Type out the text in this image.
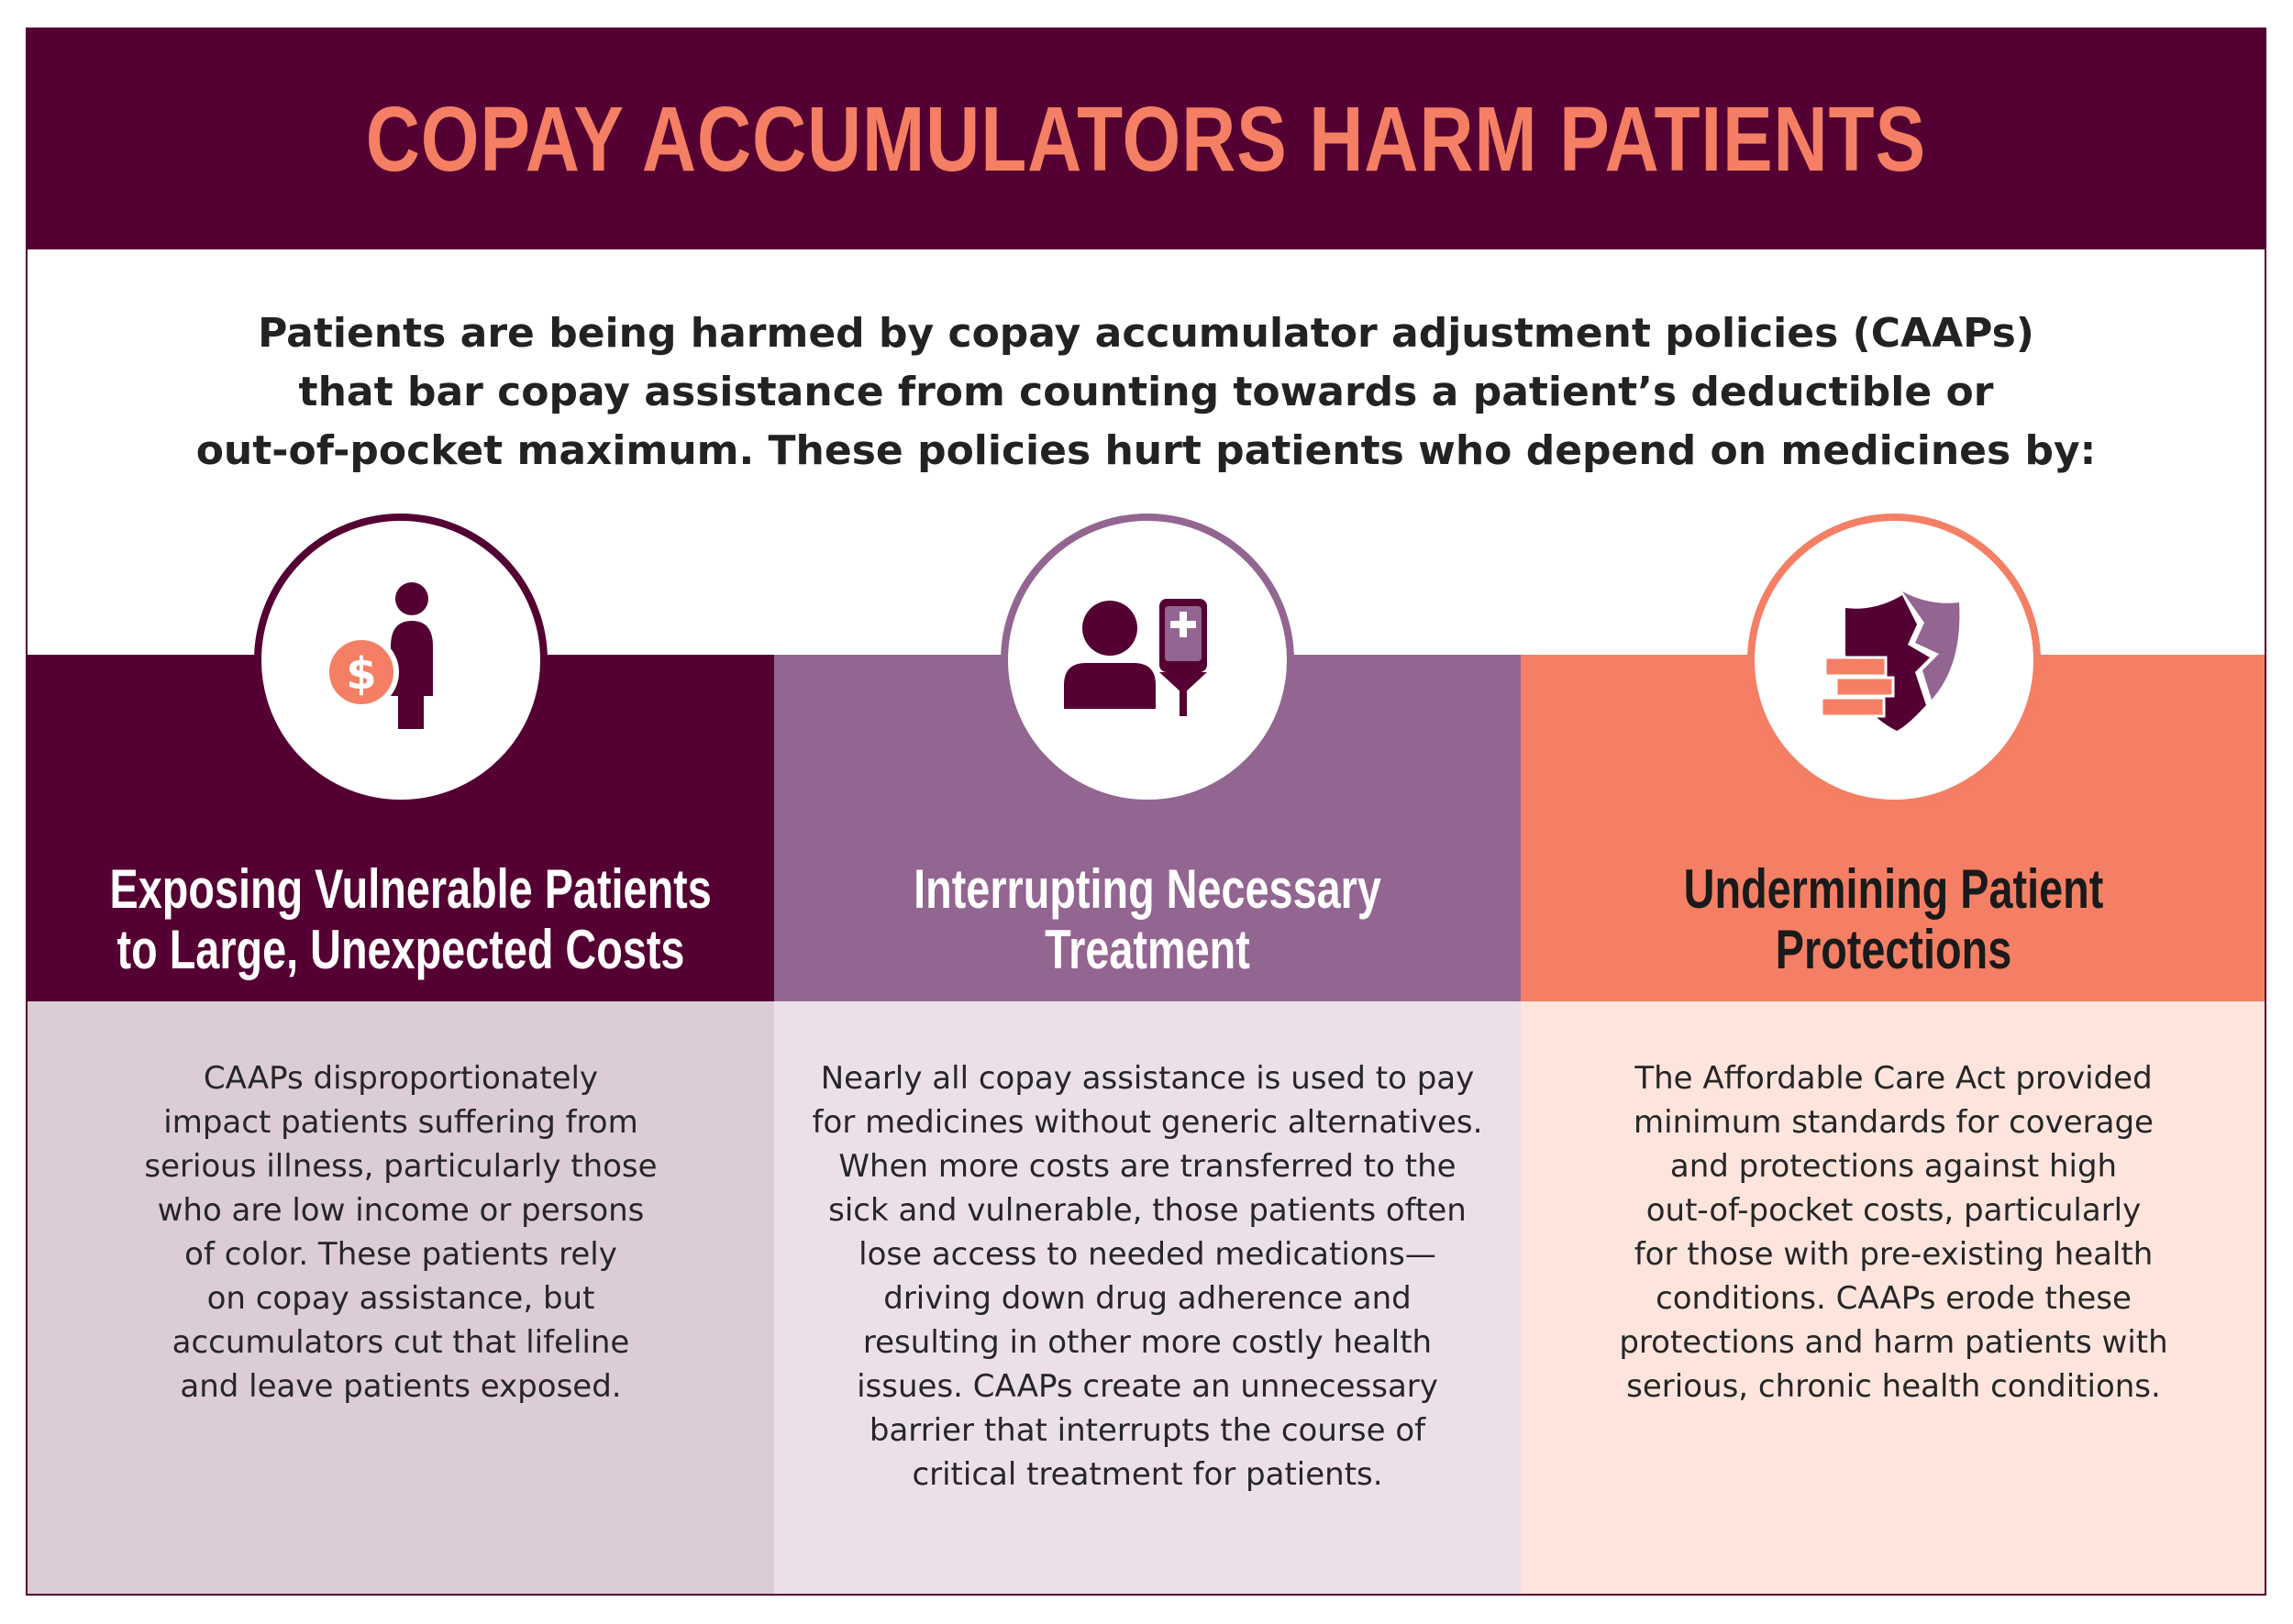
$
Exposing Vulnerable Patients
to Large, Unexpected Costs
CAAPs disproportionately
impact patients suffering from
serious illness, particularly those
who are low income or persons
of color. These patients rely
on copay assistance, but
accumulators cut that lifeline
and leave patients exposed.
Interrupting Necessary
Treatment
Nearly all copay assistance is used to pay
for medicines without generic alternatives.
When more costs are transferred to the
sick and vulnerable, those patients often
lose access to needed medications—
driving down drug adherence and
resulting in other more costly health
issues. CAAPs create an unnecessary
barrier that interrupts the course of
critical treatment for patients.
Undermining Patient
Protections
The Affordable Care Act provided
minimum standards for coverage
and protections against high
out-of-pocket costs, particularly
for those with pre-existing health
conditions. CAAPs erode these
protections and harm patients with
serious, chronic health conditions.
COPAY ACCUMULATORS HARM PATIENTS
Patients are being harmed by copay accumulator adjustment policies (CAAPs)
that bar copay assistance from counting towards a patient’s deductible or
out-of-pocket maximum. These policies hurt patients who depend on medicines by:
